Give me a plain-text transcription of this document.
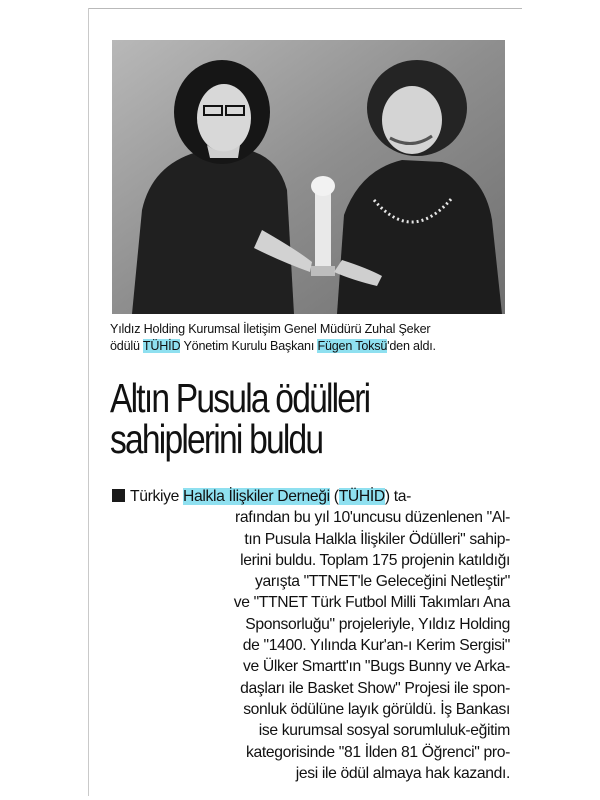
Yıldız Holding Kurumsal İletişim Genel Müdürü Zuhal Şeker
ödülü TÜHİD Yönetim Kurulu Başkanı Fügen Toksü'den aldı.
Altın Pusula ödülleri
sahiplerini buldu
Türkiye Halkla İlişkiler Derneği (TÜHİD) ta-
rafından bu yıl 10'uncusu düzenlenen "Al-
tın Pusula Halkla İlişkiler Ödülleri" sahip-
lerini buldu. Toplam 175 projenin katıldığı
yarışta "TTNET'le Geleceğini Netleştir"
ve "TTNET Türk Futbol Milli Takımları Ana
Sponsorluğu" projeleriyle, Yıldız Holding
de "1400. Yılında Kur'an-ı Kerim Sergisi"
ve Ülker Smartt'ın "Bugs Bunny ve Arka-
daşları ile Basket Show" Projesi ile spon-
sonluk ödülüne layık görüldü. İş Bankası
ise kurumsal sosyal sorumluluk-eğitim
kategorisinde "81 İlden 81 Öğrenci" pro-
jesi ile ödül almaya hak kazandı.
